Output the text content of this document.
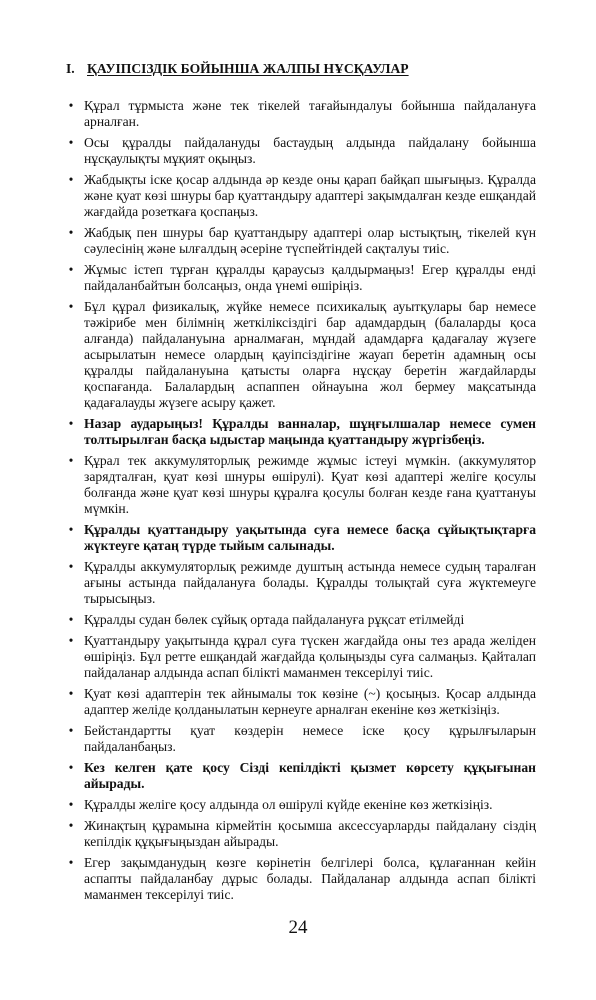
I. ҚАУІПСІЗДІК БОЙЫНША ЖАЛПЫ НҰСҚАУЛАР
• Құрал тұрмыста және тек тікелей тағайындалуы бойынша пайдалануға арналған.
• Осы құралды пайдалануды бастаудың алдында пайдалану бойынша нұсқаулықты мұқият оқыңыз.
• Жабдықты іске қосар алдында әр кезде оны қарап байқап шығыңыз. Құралда және қуат көзі шнуры бар қуаттандыру адаптері зақымдалған кезде ешқандай жағдайда розеткаға қоспаңыз.
• Жабдық пен шнуры бар қуаттандыру адаптері олар ыстықтың, тікелей күн сәулесінің және ылғалдың әсеріне түспейтіндей сақталуы тиіс.
• Жұмыс істеп тұрған құралды қараусыз қалдырмаңыз! Егер құралды енді пайдаланбайтын болсаңыз, онда үнемі өшіріңіз.
• Бұл құрал физикалық, жүйке немесе психикалық ауытқулары бар немесе тәжірибе мен білімнің жеткіліксіздігі бар адамдардың (балаларды қоса алғанда) пайдалануына арналмаған, мұндай адамдарға қадағалау жүзеге асырылатын немесе олардың қауіпсіздігіне жауап беретін адамның осы құралды пайдалануына қатысты оларға нұсқау беретін жағдайларды қоспағанда. Балалардың аспаппен ойнауына жол бермеу мақсатында қадағалауды жүзеге асыру қажет.
• Назар аударыңыз! Құралды ванналар, шұңғылшалар немесе сумен толтырылған басқа ыдыстар маңында қуаттандыру жүргізбеңіз.
• Құрал тек аккумуляторлық режимде жұмыс істеуі мүмкін. (аккумулятор зарядталған, қуат көзі шнуры өшірулі). Қуат көзі адаптері желіге қосулы болғанда және қуат көзі шнуры құралға қосулы болған кезде ғана қуаттануы мүмкін.
• Құралды қуаттандыру уақытында суға немесе басқа сұйықтықтарға жүктеуге қатаң түрде тыйым салынады.
• Құралды аккумуляторлық режимде душтың астында немесе судың таралған ағыны астында пайдалануға болады. Құралды толықтай суға жүктемеуге тырысыңыз.
• Құралды судан бөлек сұйық ортада пайдалануға рұқсат етілмейді
• Қуаттандыру уақытында құрал суға түскен жағдайда оны тез арада желіден өшіріңіз. Бұл ретте ешқандай жағдайда қолыңызды суға салмаңыз. Қайталап пайдаланар алдында аспап білікті маманмен тексерілуі тиіс.
• Қуат көзі адаптерін тек айнымалы ток көзіне (~) қосыңыз. Қосар алдында адаптер желіде қолданылатын кернеуге арналған екеніне көз жеткізіңіз.
• Бейстандартты қуат көздерін немесе іске қосу құрылғыларын пайдаланбаңыз.
• Кез келген қате қосу Сізді кепілдікті қызмет көрсету құқығынан айырады.
• Құралды желіге қосу алдында ол өшірулі күйде екеніне көз жеткізіңіз.
• Жинақтың құрамына кірмейтін қосымша аксессуарларды пайдалану сіздің кепілдік құқығыңыздан айырады.
• Егер зақымданудың көзге көрінетін белгілері болса, құлағаннан кейін аспапты пайдаланбау дұрыс болады. Пайдаланар алдында аспап білікті маманмен тексерілуі тиіс.
24
